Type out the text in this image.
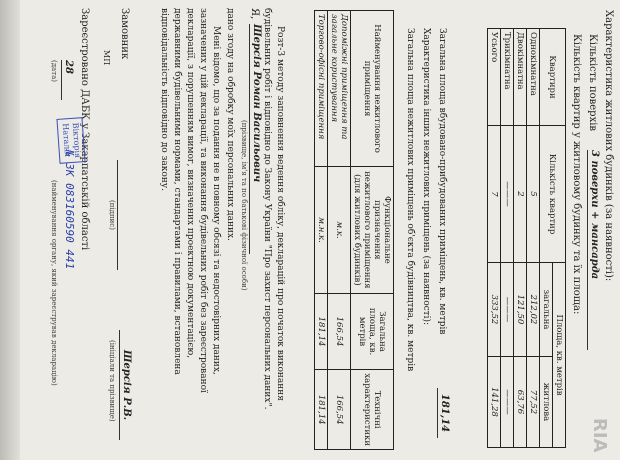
Характеристика житлових будинків (за наявності):
Кількість поверхів
3 поверхи + мансарда
Кількість квартир у житловому будинку та їх площа:
Квартири	Кількість квартир	Площа, кв. метрів	
		загальна	житлова
Однокімнатна	5	212,02	77,52
Двокімнатна	2	121,50	63,76
Трикімнатна	———	———	———
Усього	7	333,52	141,28
Загальна площа вбудовано-прибудованих приміщень, кв. метрів
181,14
Характеристика інших нежитлових приміщень (за наявності):
Загальна площа нежитлових приміщень об'єкта будівництва, кв. метрів
Найменування нежитлового приміщення	Функціональне призначення нежитлового приміщення (для житлових будинків)	Загальна площа, кв. метрів	Технічні характеристики
Допоміжні приміщення та загальне користування	м.к.	166,54	166,54
Торгово-офісні приміщення	м.н.к.	181,14	181,14
Розт-3 методу заповнення ведення обліку, декларацій про початок виконання
будівельних робіт і відповідно до Закону України "Про захист персональних даних".
Я,
Шерсія Роман Васильович
(прізвище, ім'я та по батькові фізичної особи)
дано згоду на обробку моїх персональних даних.
Мені відомо, що за подання не в повному обсязі та недостовірних даних,
зазначених у цій декларації, та виконання будівельних робіт без зареєстрованої
декларації, з порушенням вимог, визначених проектною документацією,
державними будівельними нормами, стандартами і правилами, встановлена
відповідальність відповідно до закону.
Замовник
(підпис)
Шерсія Р.В.
(ініціали та прізвище)
МП
Зареєстровано ДАБК у Закарпатській області
28
№ ЗК 083160590 441
(дата)
(найменування органу, який зареєстрував декларацію)
Вікторія
Наталія
RIA
